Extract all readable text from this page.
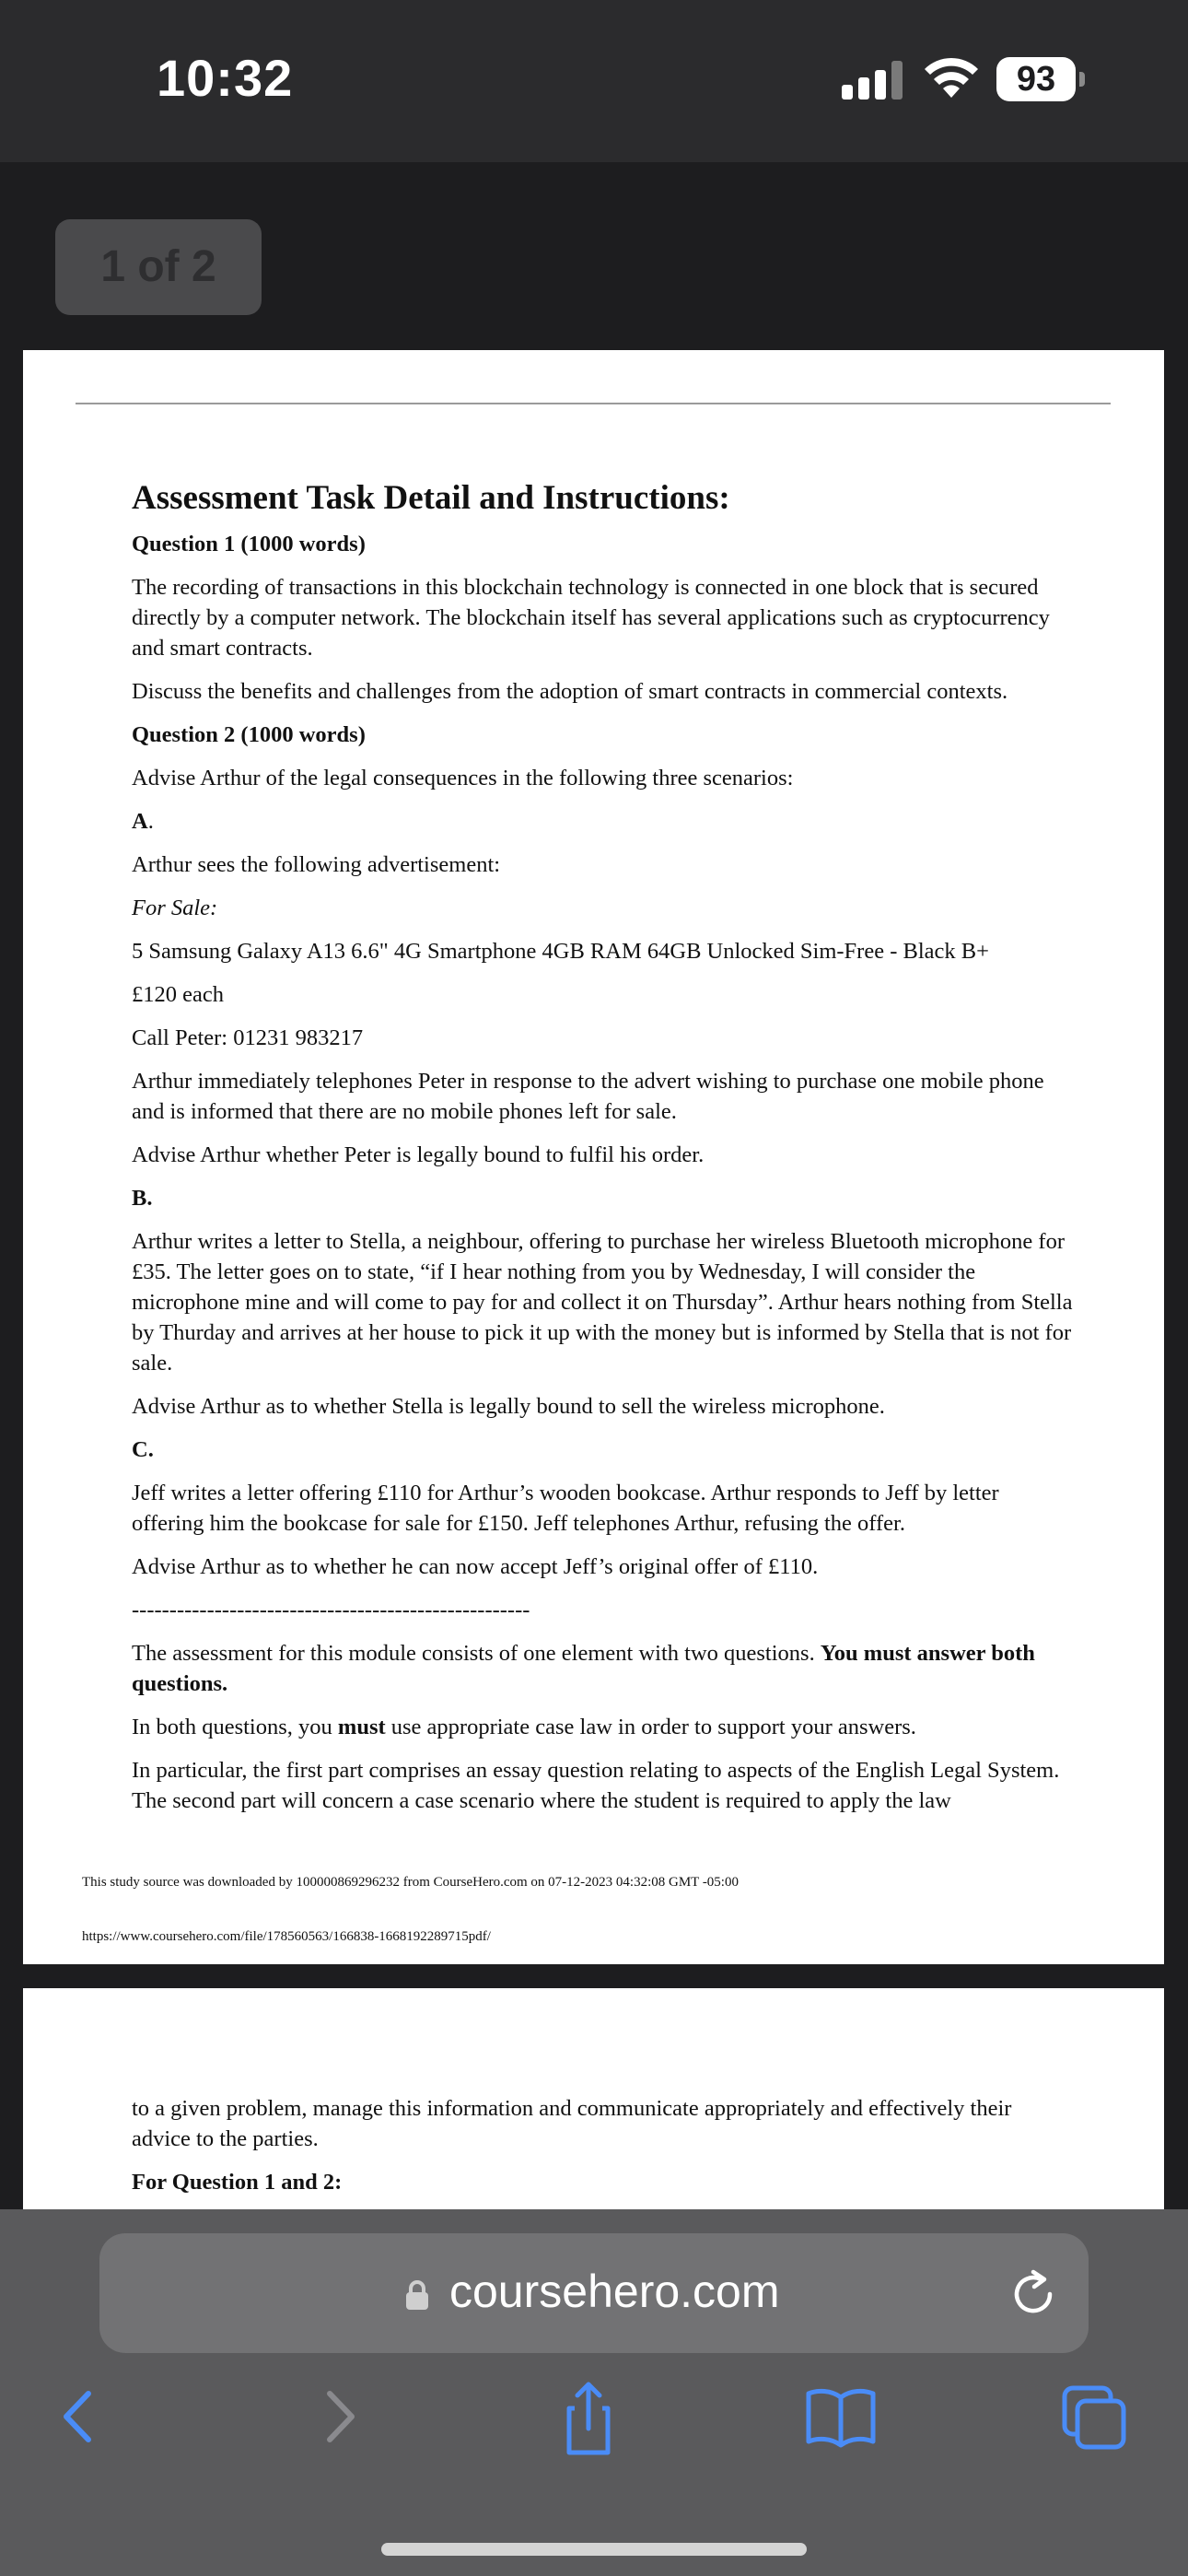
10:32	93
1 of 2
Assessment Task Detail and Instructions:

Question 1 (1000 words)

The recording of transactions in this blockchain technology is connected in one block that is secured directly by a computer network. The blockchain itself has several applications such as cryptocurrency and smart contracts.

Discuss the benefits and challenges from the adoption of smart contracts in commercial contexts.

Question 2 (1000 words)

Advise Arthur of the legal consequences in the following three scenarios:

A.

Arthur sees the following advertisement:

For Sale:

5 Samsung Galaxy A13 6.6" 4G Smartphone 4GB RAM 64GB Unlocked Sim-Free - Black B+

£120 each

Call Peter: 01231 983217

Arthur immediately telephones Peter in response to the advert wishing to purchase one mobile phone and is informed that there are no mobile phones left for sale.

Advise Arthur whether Peter is legally bound to fulfil his order.

B.

Arthur writes a letter to Stella, a neighbour, offering to purchase her wireless Bluetooth microphone for £35. The letter goes on to state, “if I hear nothing from you by Wednesday, I will consider the microphone mine and will come to pay for and collect it on Thursday”. Arthur hears nothing from Stella by Thurday and arrives at her house to pick it up with the money but is informed by Stella that is not for sale.

Advise Arthur as to whether Stella is legally bound to sell the wireless microphone.

C.

Jeff writes a letter offering £110 for Arthur’s wooden bookcase. Arthur responds to Jeff by letter offering him the bookcase for sale for £150. Jeff telephones Arthur, refusing the offer.

Advise Arthur as to whether he can now accept Jeff’s original offer of £110.

-----------------------------------------------------

The assessment for this module consists of one element with two questions. You must answer both questions.

In both questions, you must use appropriate case law in order to support your answers.

In particular, the first part comprises an essay question relating to aspects of the English Legal System. The second part will concern a case scenario where the student is required to apply the law

This study source was downloaded by 100000869296232 from CourseHero.com on 07-12-2023 04:32:08 GMT -05:00
https://www.coursehero.com/file/178560563/166838-1668192289715pdf/

to a given problem, manage this information and communicate appropriately and effectively their advice to the parties.

For Question 1 and 2:

coursehero.com
